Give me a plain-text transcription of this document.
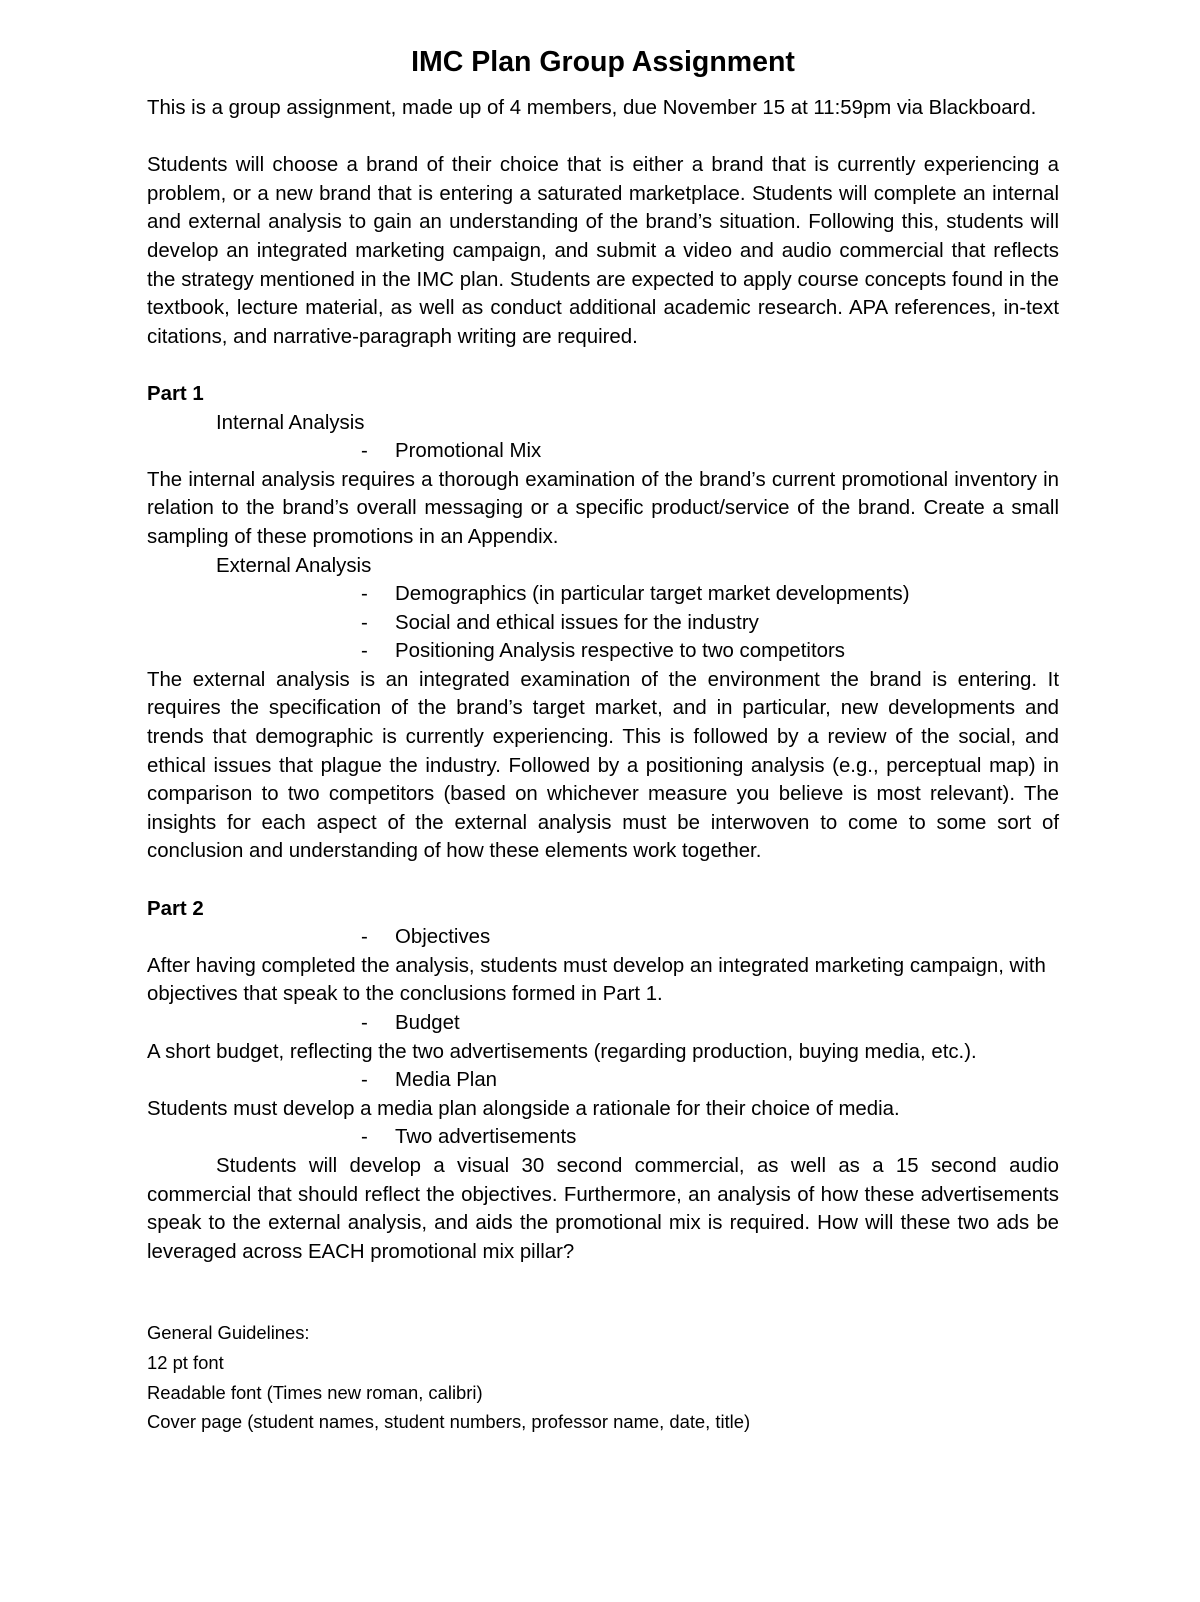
IMC Plan Group Assignment

This is a group assignment, made up of 4 members, due November 15 at 11:59pm via Blackboard.

Students will choose a brand of their choice that is either a brand that is currently experiencing a problem, or a new brand that is entering a saturated marketplace. Students will complete an internal and external analysis to gain an understanding of the brand’s situation. Following this, students will develop an integrated marketing campaign, and submit a video and audio commercial that reflects the strategy mentioned in the IMC plan. Students are expected to apply course concepts found in the textbook, lecture material, as well as conduct additional academic research. APA references, in-text citations, and narrative-paragraph writing are required.

Part 1

Internal Analysis

- Promotional Mix

The internal analysis requires a thorough examination of the brand’s current promotional inventory in relation to the brand’s overall messaging or a specific product/service of the brand. Create a small sampling of these promotions in an Appendix.

External Analysis

- Demographics (in particular target market developments)

- Social and ethical issues for the industry

- Positioning Analysis respective to two competitors

The external analysis is an integrated examination of the environment the brand is entering. It requires the specification of the brand’s target market, and in particular, new developments and trends that demographic is currently experiencing. This is followed by a review of the social, and ethical issues that plague the industry. Followed by a positioning analysis (e.g., perceptual map) in comparison to two competitors (based on whichever measure you believe is most relevant). The insights for each aspect of the external analysis must be interwoven to come to some sort of conclusion and understanding of how these elements work together.

Part 2

- Objectives

After having completed the analysis, students must develop an integrated marketing campaign, with objectives that speak to the conclusions formed in Part 1.

- Budget

A short budget, reflecting the two advertisements (regarding production, buying media, etc.).

- Media Plan

Students must develop a media plan alongside a rationale for their choice of media.

- Two advertisements

Students will develop a visual 30 second commercial, as well as a 15 second audio commercial that should reflect the objectives. Furthermore, an analysis of how these advertisements speak to the external analysis, and aids the promotional mix is required. How will these two ads be leveraged across EACH promotional mix pillar?

General Guidelines:

12 pt font

Readable font (Times new roman, calibri)

Cover page (student names, student numbers, professor name, date, title)
